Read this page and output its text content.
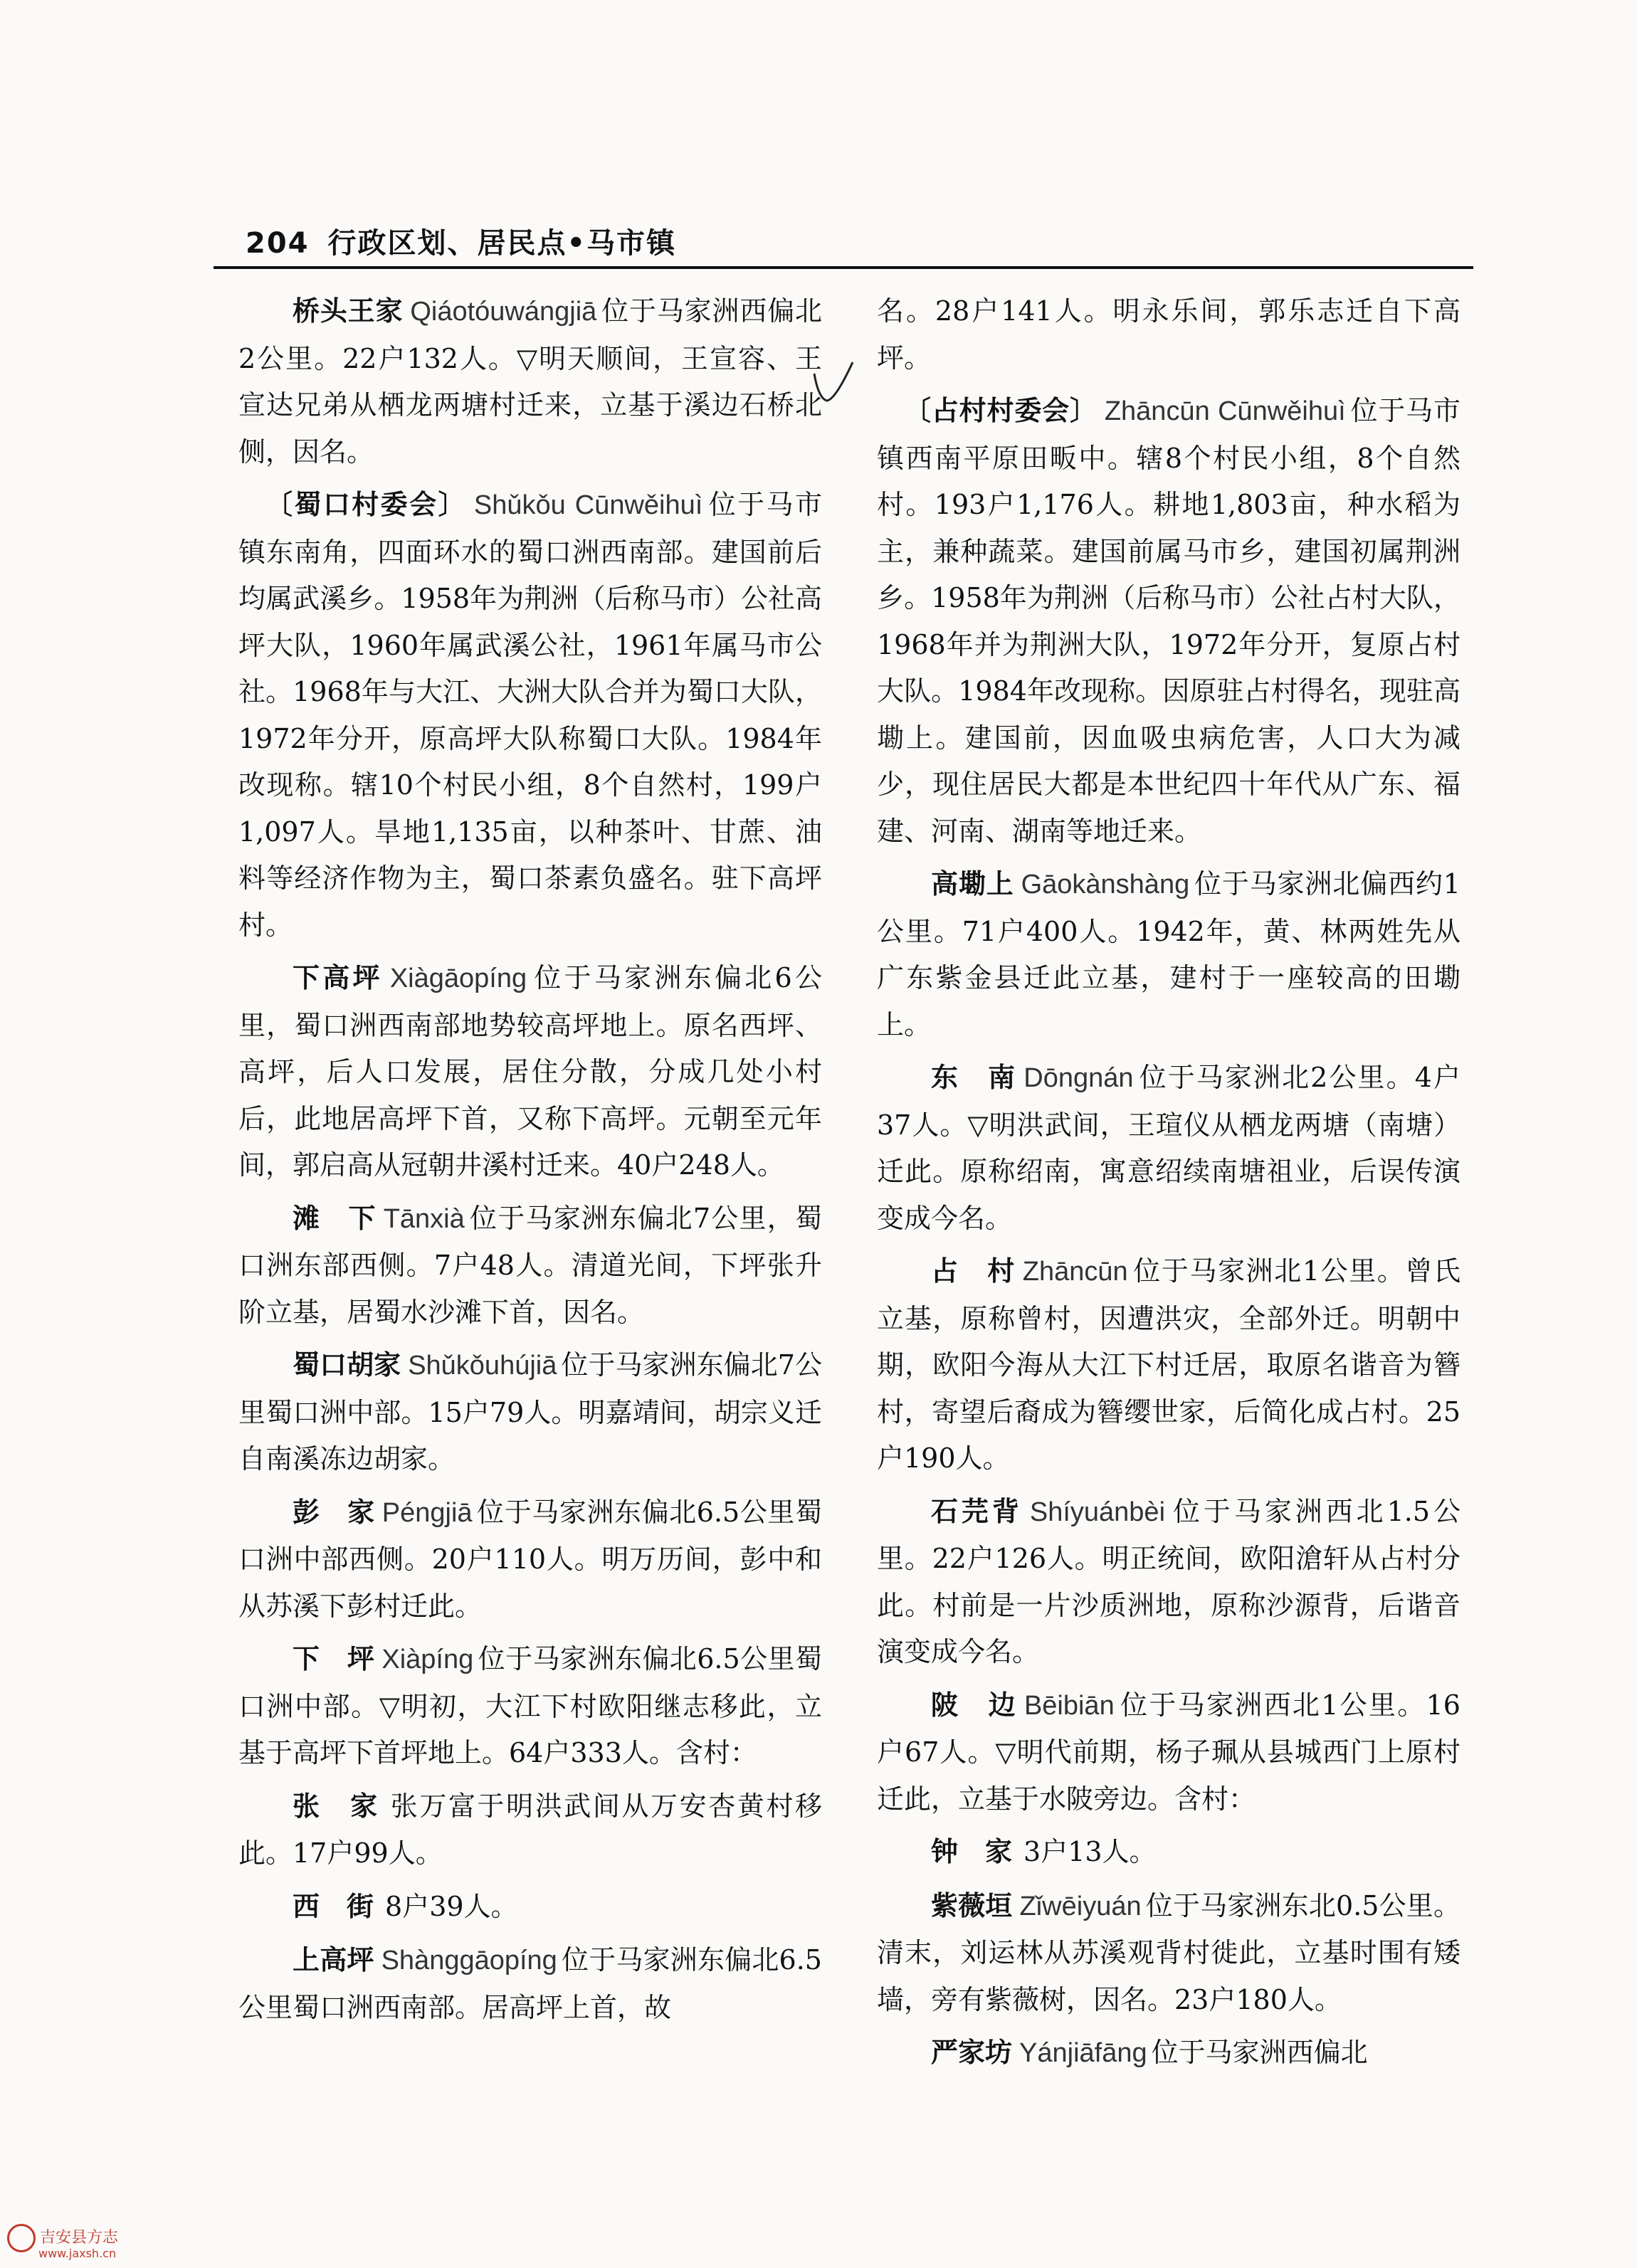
204 行政区划、居民点•马市镇

桥头王家 Qiáotóuwángjiā 位于马家洲西偏北2公里。22户132人。▽明天顺间，王宣容、王宣达兄弟从栖龙两塘村迁来，立基于溪边石桥北侧，因名。

〔蜀口村委会〕 Shǔkǒu Cūnwěihuì 位于马市镇东南角，四面环水的蜀口洲西南部。建国前后均属武溪乡。1958年为荆洲（后称马市）公社高坪大队，1960年属武溪公社，1961年属马市公社。1968年与大江、大洲大队合并为蜀口大队，1972年分开，原高坪大队称蜀口大队。1984年改现称。辖10个村民小组，8个自然村，199户1,097人。旱地1,135亩，以种茶叶、甘蔗、油料等经济作物为主，蜀口茶素负盛名。驻下高坪村。

下高坪 Xiàgāopíng 位于马家洲东偏北6公里，蜀口洲西南部地势较高坪地上。原名西坪、高坪，后人口发展，居住分散，分成几处小村后，此地居高坪下首，又称下高坪。元朝至元年间，郭启高从冠朝井溪村迁来。40户248人。

滩　下 Tānxià 位于马家洲东偏北7公里，蜀口洲东部西侧。7户48人。清道光间，下坪张升阶立基，居蜀水沙滩下首，因名。

蜀口胡家 Shǔkǒuhújiā 位于马家洲东偏北7公里蜀口洲中部。15户79人。明嘉靖间，胡宗义迁自南溪冻边胡家。

彭　家 Péngjiā 位于马家洲东偏北6.5公里蜀口洲中部西侧。20户110人。明万历间，彭中和从苏溪下彭村迁此。

下　坪 Xiàpíng 位于马家洲东偏北6.5公里蜀口洲中部。▽明初，大江下村欧阳继志移此，立基于高坪下首坪地上。64户333人。含村：

张　家 张万富于明洪武间从万安杏黄村移此。17户99人。

西　街 8户39人。

上高坪 Shànggāopíng 位于马家洲东偏北6.5公里蜀口洲西南部。居高坪上首，故

名。28户141人。明永乐间，郭乐志迁自下高坪。

〔占村村委会〕 Zhāncūn Cūnwěihuì 位于马市镇西南平原田畈中。辖8个村民小组，8个自然村。193户1,176人。耕地1,803亩，种水稻为主，兼种蔬菜。建国前属马市乡，建国初属荆洲乡。1958年为荆洲（后称马市）公社占村大队，1968年并为荆洲大队，1972年分开，复原占村大队。1984年改现称。因原驻占村得名，现驻高墈上。建国前，因血吸虫病危害，人口大为减少，现住居民大都是本世纪四十年代从广东、福建、河南、湖南等地迁来。

高墈上 Gāokànshàng 位于马家洲北偏西约1公里。71户400人。1942年，黄、林两姓先从广东紫金县迁此立基，建村于一座较高的田墈上。

东　南 Dōngnán 位于马家洲北2公里。4户37人。▽明洪武间，王瑄仪从栖龙两塘（南塘）迁此。原称绍南，寓意绍续南塘祖业，后误传演变成今名。

占　村 Zhāncūn 位于马家洲北1公里。曾氏立基，原称曾村，因遭洪灾，全部外迁。明朝中期，欧阳今海从大江下村迁居，取原名谐音为簪村，寄望后裔成为簪缨世家，后简化成占村。25户190人。

石芫背 Shíyuánbèi 位于马家洲西北1.5公里。22户126人。明正统间，欧阳滄轩从占村分此。村前是一片沙质洲地，原称沙源背，后谐音演变成今名。

陂　边 Bēibiān 位于马家洲西北1公里。16户67人。▽明代前期，杨子珮从县城西门上原村迁此，立基于水陂旁边。含村：

钟　家 3户13人。

紫薇垣 Zǐwēiyuán 位于马家洲东北0.5公里。清末，刘运林从苏溪观背村徙此，立基时围有矮墙，旁有紫薇树，因名。23户180人。

严家坊 Yánjiāfāng 位于马家洲西偏北

吉安县方志
www.jaxsh.cn
